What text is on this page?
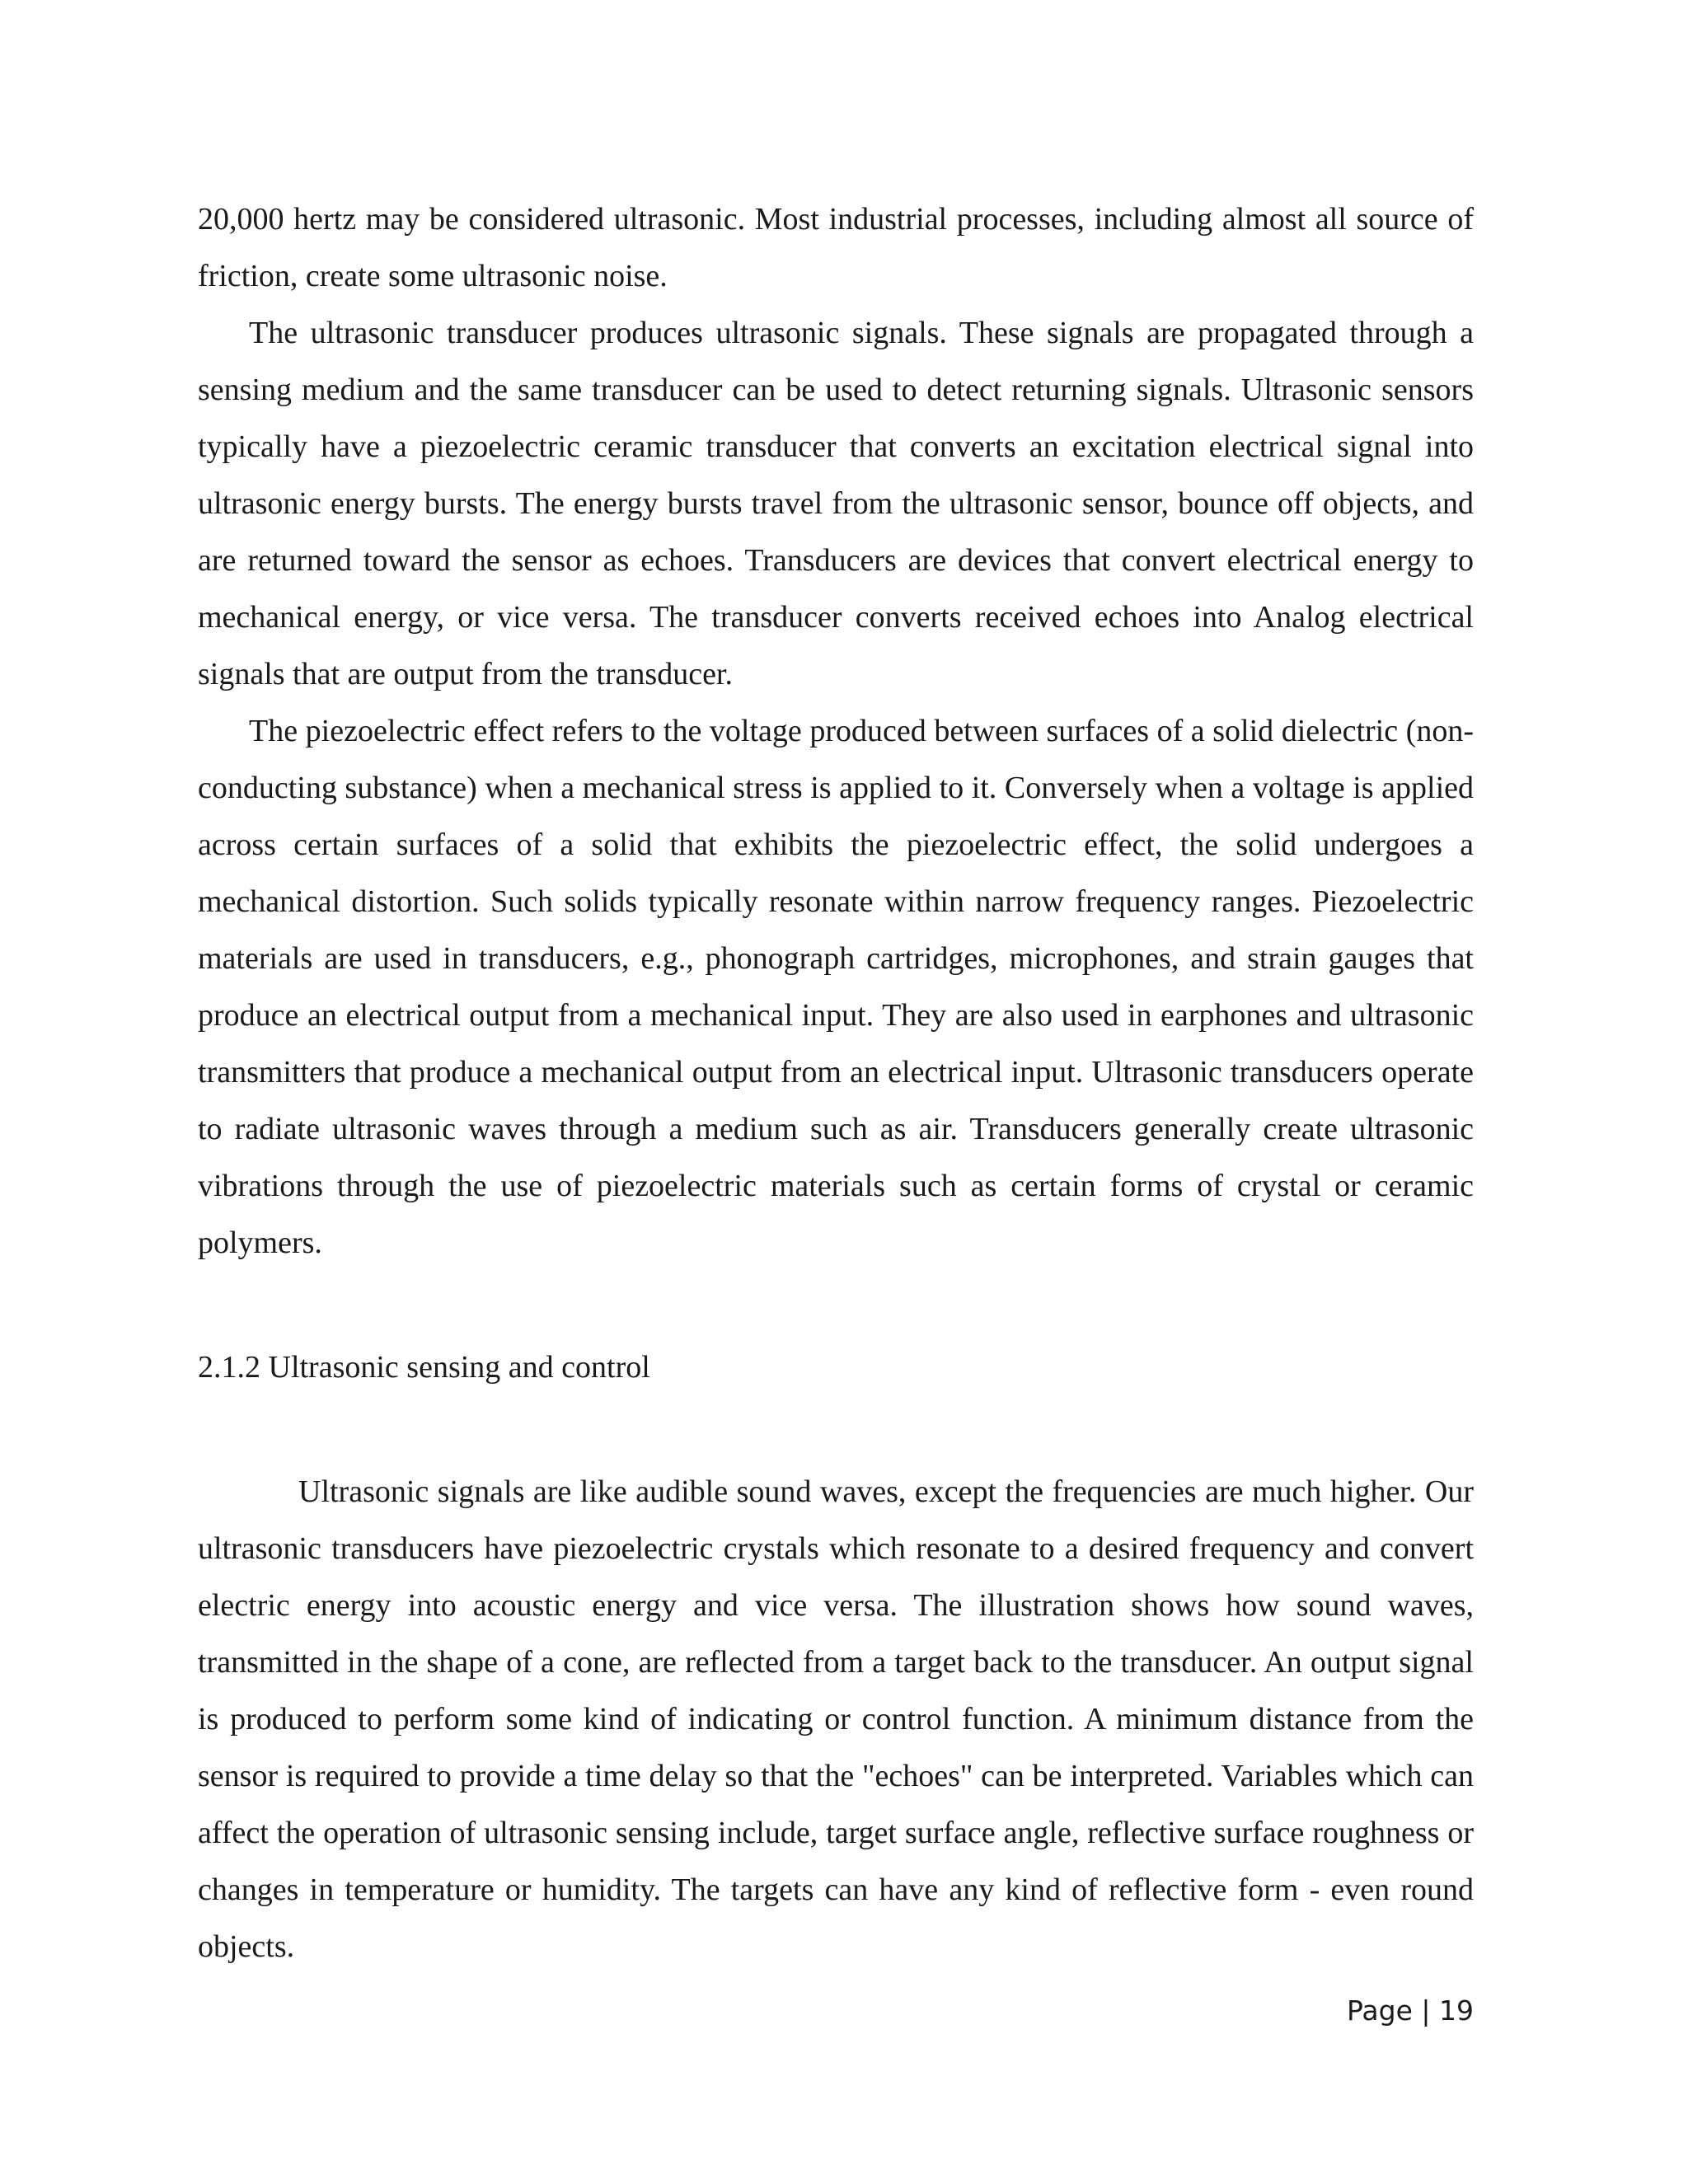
20,000 hertz may be considered ultrasonic. Most industrial processes, including almost all source of friction, create some ultrasonic noise.

The ultrasonic transducer produces ultrasonic signals. These signals are propagated through a sensing medium and the same transducer can be used to detect returning signals. Ultrasonic sensors typically have a piezoelectric ceramic transducer that converts an excitation electrical signal into ultrasonic energy bursts. The energy bursts travel from the ultrasonic sensor, bounce off objects, and are returned toward the sensor as echoes. Transducers are devices that convert electrical energy to mechanical energy, or vice versa. The transducer converts received echoes into Analog electrical signals that are output from the transducer.

The piezoelectric effect refers to the voltage produced between surfaces of a solid dielectric (non-conducting substance) when a mechanical stress is applied to it. Conversely when a voltage is applied across certain surfaces of a solid that exhibits the piezoelectric effect, the solid undergoes a mechanical distortion. Such solids typically resonate within narrow frequency ranges. Piezoelectric materials are used in transducers, e.g., phonograph cartridges, microphones, and strain gauges that produce an electrical output from a mechanical input. They are also used in earphones and ultrasonic transmitters that produce a mechanical output from an electrical input. Ultrasonic transducers operate to radiate ultrasonic waves through a medium such as air. Transducers generally create ultrasonic vibrations through the use of piezoelectric materials such as certain forms of crystal or ceramic polymers.

2.1.2 Ultrasonic sensing and control

Ultrasonic signals are like audible sound waves, except the frequencies are much higher. Our ultrasonic transducers have piezoelectric crystals which resonate to a desired frequency and convert electric energy into acoustic energy and vice versa. The illustration shows how sound waves, transmitted in the shape of a cone, are reflected from a target back to the transducer. An output signal is produced to perform some kind of indicating or control function. A minimum distance from the sensor is required to provide a time delay so that the "echoes" can be interpreted. Variables which can affect the operation of ultrasonic sensing include, target surface angle, reflective surface roughness or changes in temperature or humidity. The targets can have any kind of reflective form - even round objects.

Page | 19
